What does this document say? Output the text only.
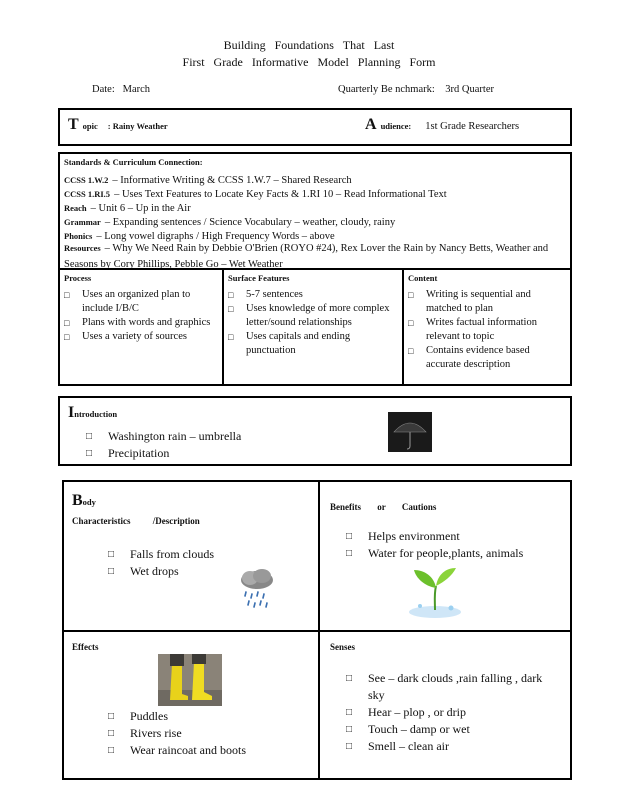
Building Foundations That Last
First Grade Informative Model Planning Form
Date: March	Quarterly Be nchmark: 3rd Quarter
T opic : Rainy Weather	A udience: 1st Grade Researchers
Standards & Curriculum Connection:
CCSS 1.W.2 – Informative Writing & CCSS 1.W.7 – Shared Research
CCSS 1.RI.5 – Uses Text Features to Locate Key Facts & 1.RI 10 – Read Informational Text
Reach – Unit 6 – Up in the Air
Grammar – Expanding sentences / Science Vocabulary – weather, cloudy, rainy
Phonics – Long vowel digraphs / High Frequency Words – above
Resources – Why We Need Rain by Debbie O'Brien (ROYO #24), Rex Lover the Rain by Nancy Betts, Weather and Seasons by Cory Phillips, Pebble Go – Wet Weather
Process
□ Uses an organized plan to include I/B/C
□ Plans with words and graphics
□ Uses a variety of sources
Surface Features
□ 5-7 sentences
□ Uses knowledge of more complex letter/sound relationships
□ Uses capitals and ending punctuation
Content
□ Writing is sequential and matched to plan
□ Writes factual information relevant to topic
□ Contains evidence based accurate description
Introduction
□ Washington rain – umbrella
□ Precipitation
Body
Characteristics /Description
□ Falls from clouds
□ Wet drops
Benefits or Cautions
□ Helps environment
□ Water for people,plants, animals
Effects
□ Puddles
□ Rivers rise
□ Wear raincoat and boots
Senses
□ See – dark clouds ,rain falling , dark sky
□ Hear – plop , or drip
□ Touch – damp or wet
□ Smell – clean air
